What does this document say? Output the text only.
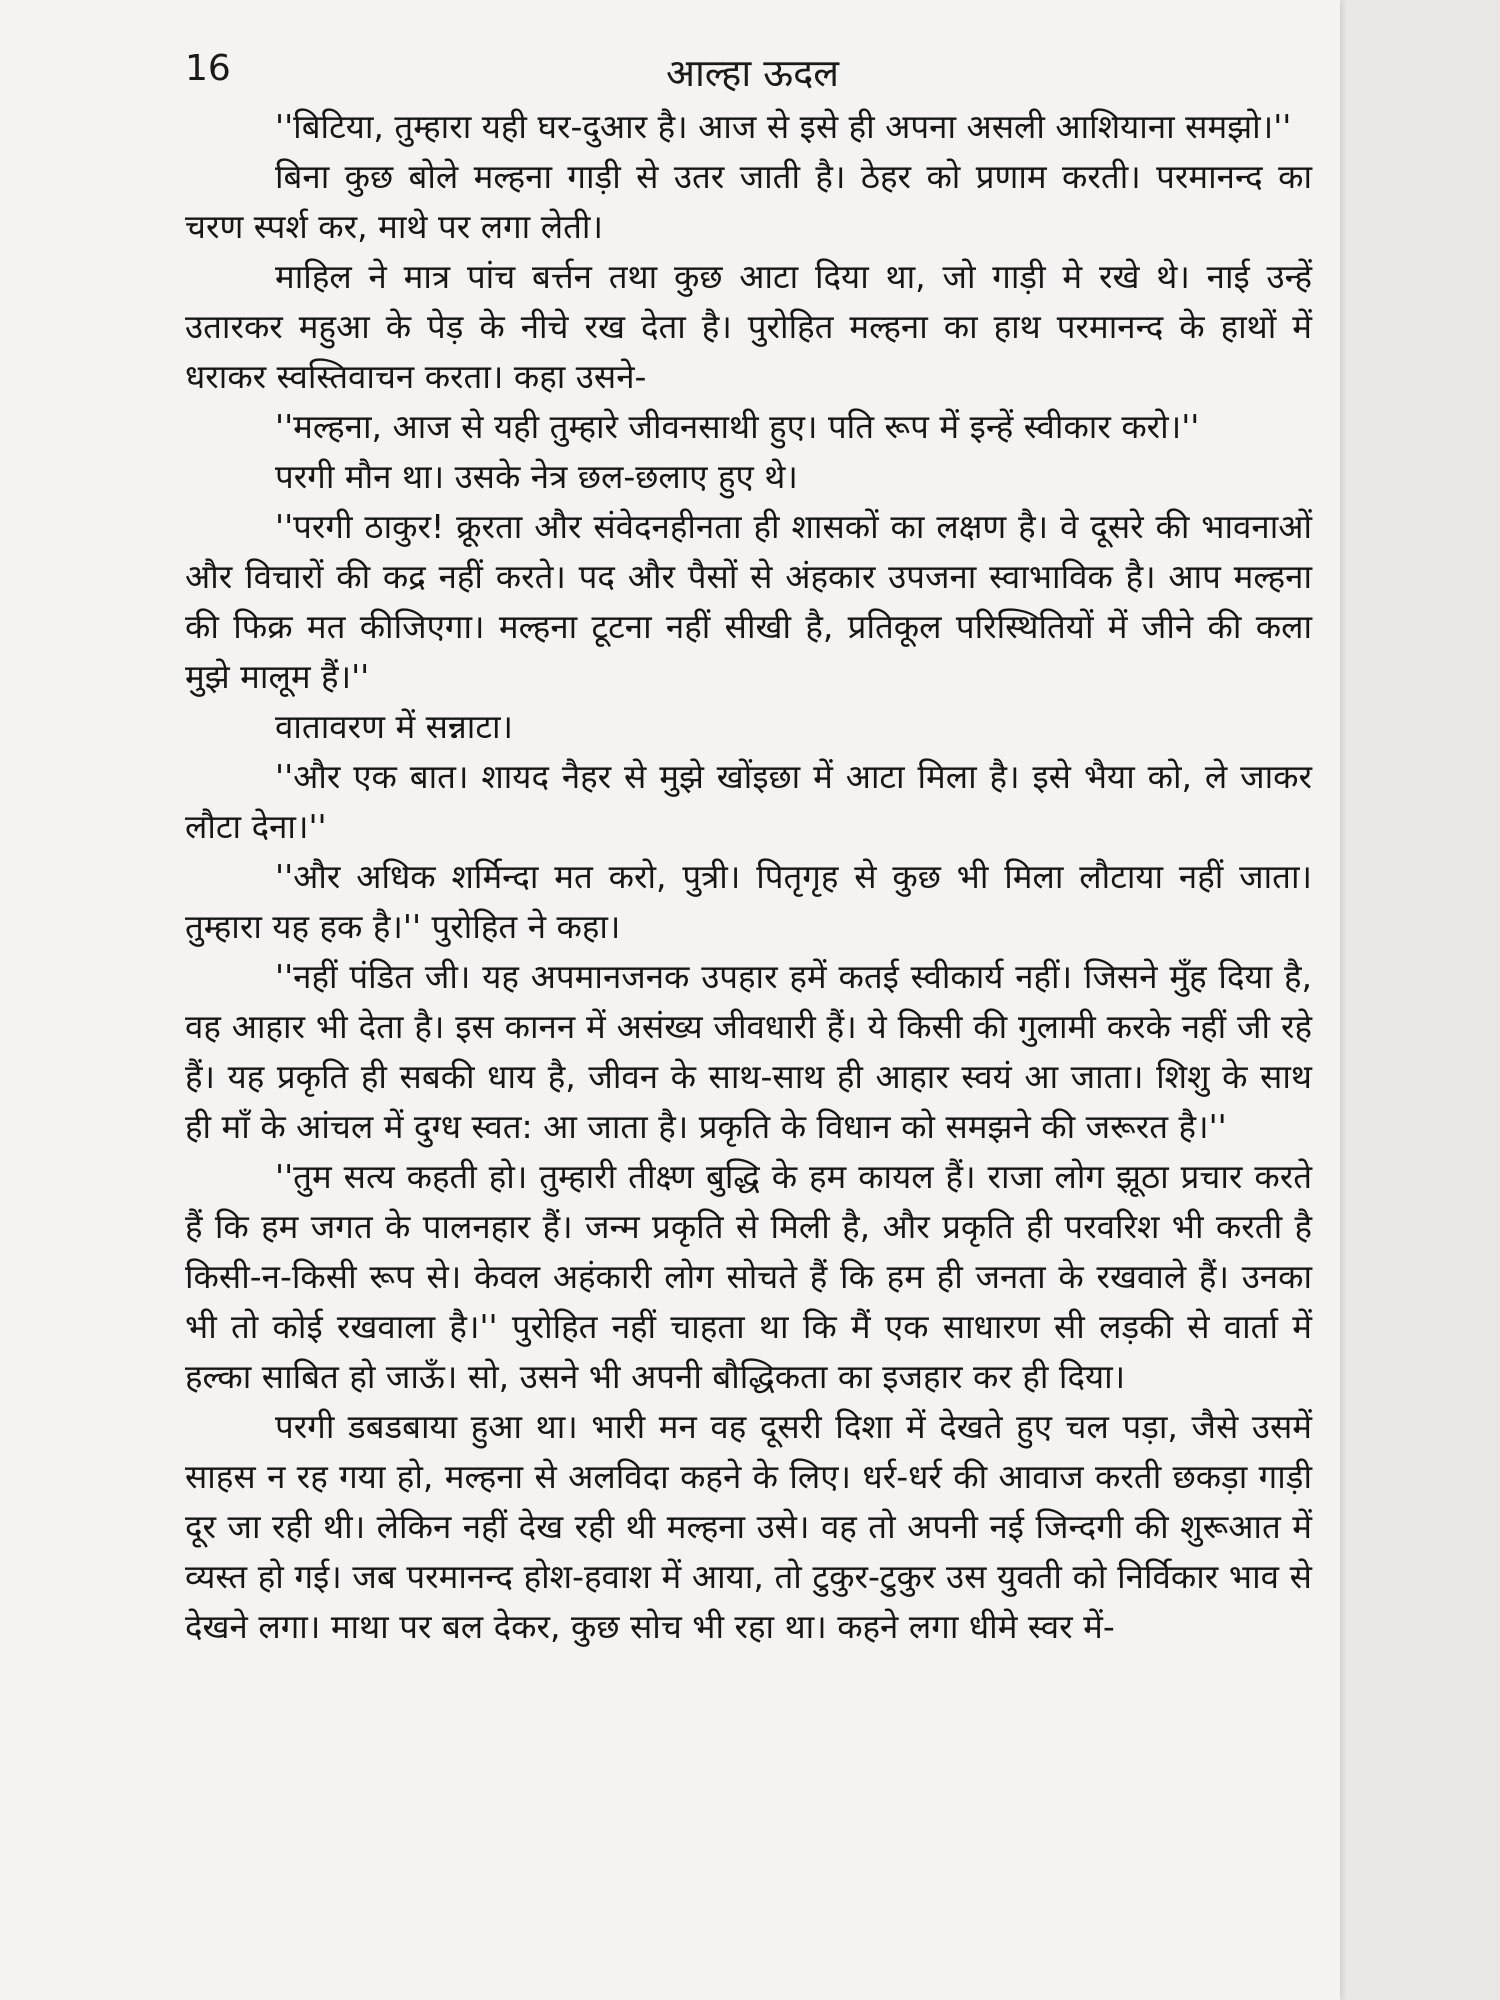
16	आल्हा ऊदल

''बिटिया, तुम्हारा यही घर-दुआर है। आज से इसे ही अपना असली आशियाना समझो।''

बिना कुछ बोले मल्हना गाड़ी से उतर जाती है। ठेहर को प्रणाम करती। परमानन्द का चरण स्पर्श कर, माथे पर लगा लेती।

माहिल ने मात्र पांच बर्त्तन तथा कुछ आटा दिया था, जो गाड़ी मे रखे थे। नाई उन्हें उतारकर महुआ के पेड़ के नीचे रख देता है। पुरोहित मल्हना का हाथ परमानन्द के हाथों में धराकर स्वस्तिवाचन करता। कहा उसने-

''मल्हना, आज से यही तुम्हारे जीवनसाथी हुए। पति रूप में इन्हें स्वीकार करो।''

परगी मौन था। उसके नेत्र छल-छलाए हुए थे।

''परगी ठाकुर! क्रूरता और संवेदनहीनता ही शासकों का लक्षण है। वे दूसरे की भावनाओं और विचारों की कद्र नहीं करते। पद और पैसों से अंहकार उपजना स्वाभाविक है। आप मल्हना की फिक्र मत कीजिएगा। मल्हना टूटना नहीं सीखी है, प्रतिकूल परिस्थितियों में जीने की कला मुझे मालूम हैं।''

वातावरण में सन्नाटा।

''और एक बात। शायद नैहर से मुझे खोंइछा में आटा मिला है। इसे भैया को, ले जाकर लौटा देना।''

''और अधिक शर्मिन्दा मत करो, पुत्री। पितृगृह से कुछ भी मिला लौटाया नहीं जाता। तुम्हारा यह हक है।'' पुरोहित ने कहा।

''नहीं पंडित जी। यह अपमानजनक उपहार हमें कतई स्वीकार्य नहीं। जिसने मुँह दिया है, वह आहार भी देता है। इस कानन में असंख्य जीवधारी हैं। ये किसी की गुलामी करके नहीं जी रहे हैं। यह प्रकृति ही सबकी धाय है, जीवन के साथ-साथ ही आहार स्वयं आ जाता। शिशु के साथ ही माँ के आंचल में दुग्ध स्वत: आ जाता है। प्रकृति के विधान को समझने की जरूरत है।''

''तुम सत्य कहती हो। तुम्हारी तीक्ष्ण बुद्धि के हम कायल हैं। राजा लोग झूठा प्रचार करते हैं कि हम जगत के पालनहार हैं। जन्म प्रकृति से मिली है, और प्रकृति ही परवरिश भी करती है किसी-न-किसी रूप से। केवल अहंकारी लोग सोचते हैं कि हम ही जनता के रखवाले हैं। उनका भी तो कोई रखवाला है।'' पुरोहित नहीं चाहता था कि मैं एक साधारण सी लड़की से वार्ता में हल्का साबित हो जाऊँ। सो, उसने भी अपनी बौद्धिकता का इजहार कर ही दिया।

परगी डबडबाया हुआ था। भारी मन वह दूसरी दिशा में देखते हुए चल पड़ा, जैसे उसमें साहस न रह गया हो, मल्हना से अलविदा कहने के लिए। धर्र-धर्र की आवाज करती छकड़ा गाड़ी दूर जा रही थी। लेकिन नहीं देख रही थी मल्हना उसे। वह तो अपनी नई जिन्दगी की शुरूआत में व्यस्त हो गई। जब परमानन्द होश-हवाश में आया, तो टुकुर-टुकुर उस युवती को निर्विकार भाव से देखने लगा। माथा पर बल देकर, कुछ सोच भी रहा था। कहने लगा धीमे स्वर में-
